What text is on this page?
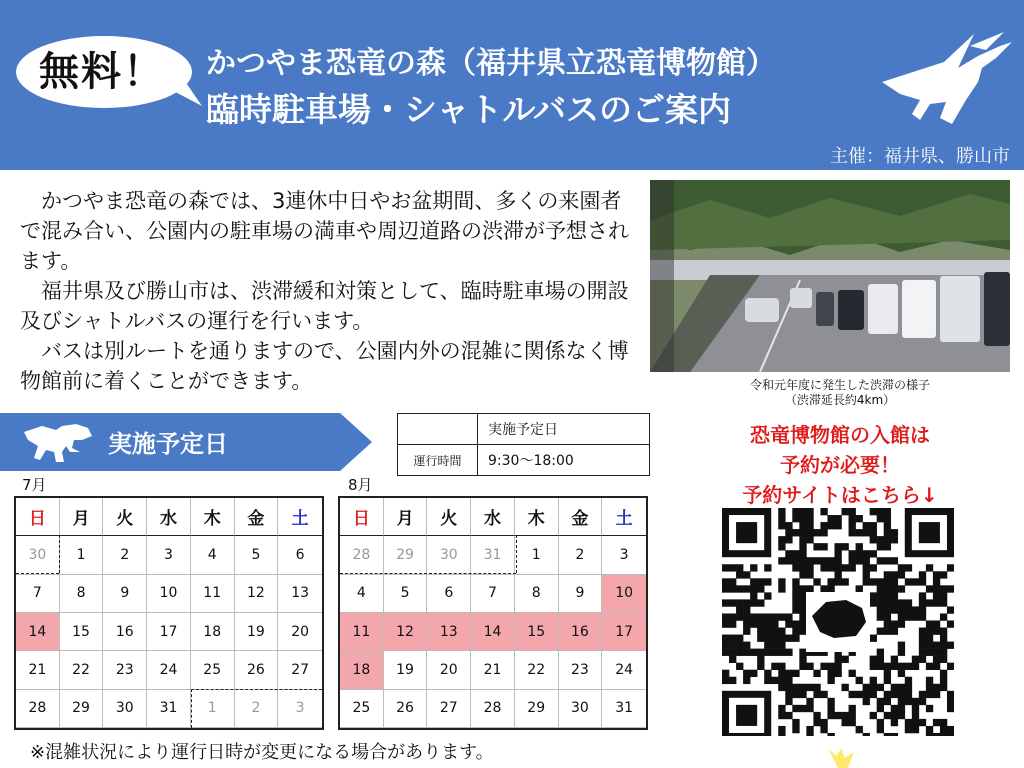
無料！	かつやま恐竜の森（福井県立恐竜博物館）
臨時駐車場・シャトルバスのご案内
主催：福井県、勝山市

かつやま恐竜の森では、3連休中日やお盆期間、多くの来園者で混み合い、公園内の駐車場の満車や周辺道路の渋滞が予想されます。

福井県及び勝山市は、渋滞緩和対策として、臨時駐車場の開設及びシャトルバスの運行を行います。

バスは別ルートを通りますので、公園内外の混雑に関係なく博物館前に着くことができます。	令和元年度に発生した渋滞の様子
（渋滞延長約4km）
実施予定日
		実施予定日
運行時間	9:30～18:00
7月	8月
日	月	火	水	木	金	土
30	1	2	3	4	5	6
7	8	9	10	11	12	13
14	15	16	17	18	19	20
21	22	23	24	25	26	27
28	29	30	31	1	2	3
日	月	火	水	木	金	土
28	29	30	31	1	2	3
4	5	6	7	8	9	10
11	12	13	14	15	16	17
18	19	20	21	22	23	24
25	26	27	28	29	30	31
※混雑状況により運行日時が変更になる場合があります。
恐竜博物館の入館は
予約が必要！
予約サイトはこちら↓
